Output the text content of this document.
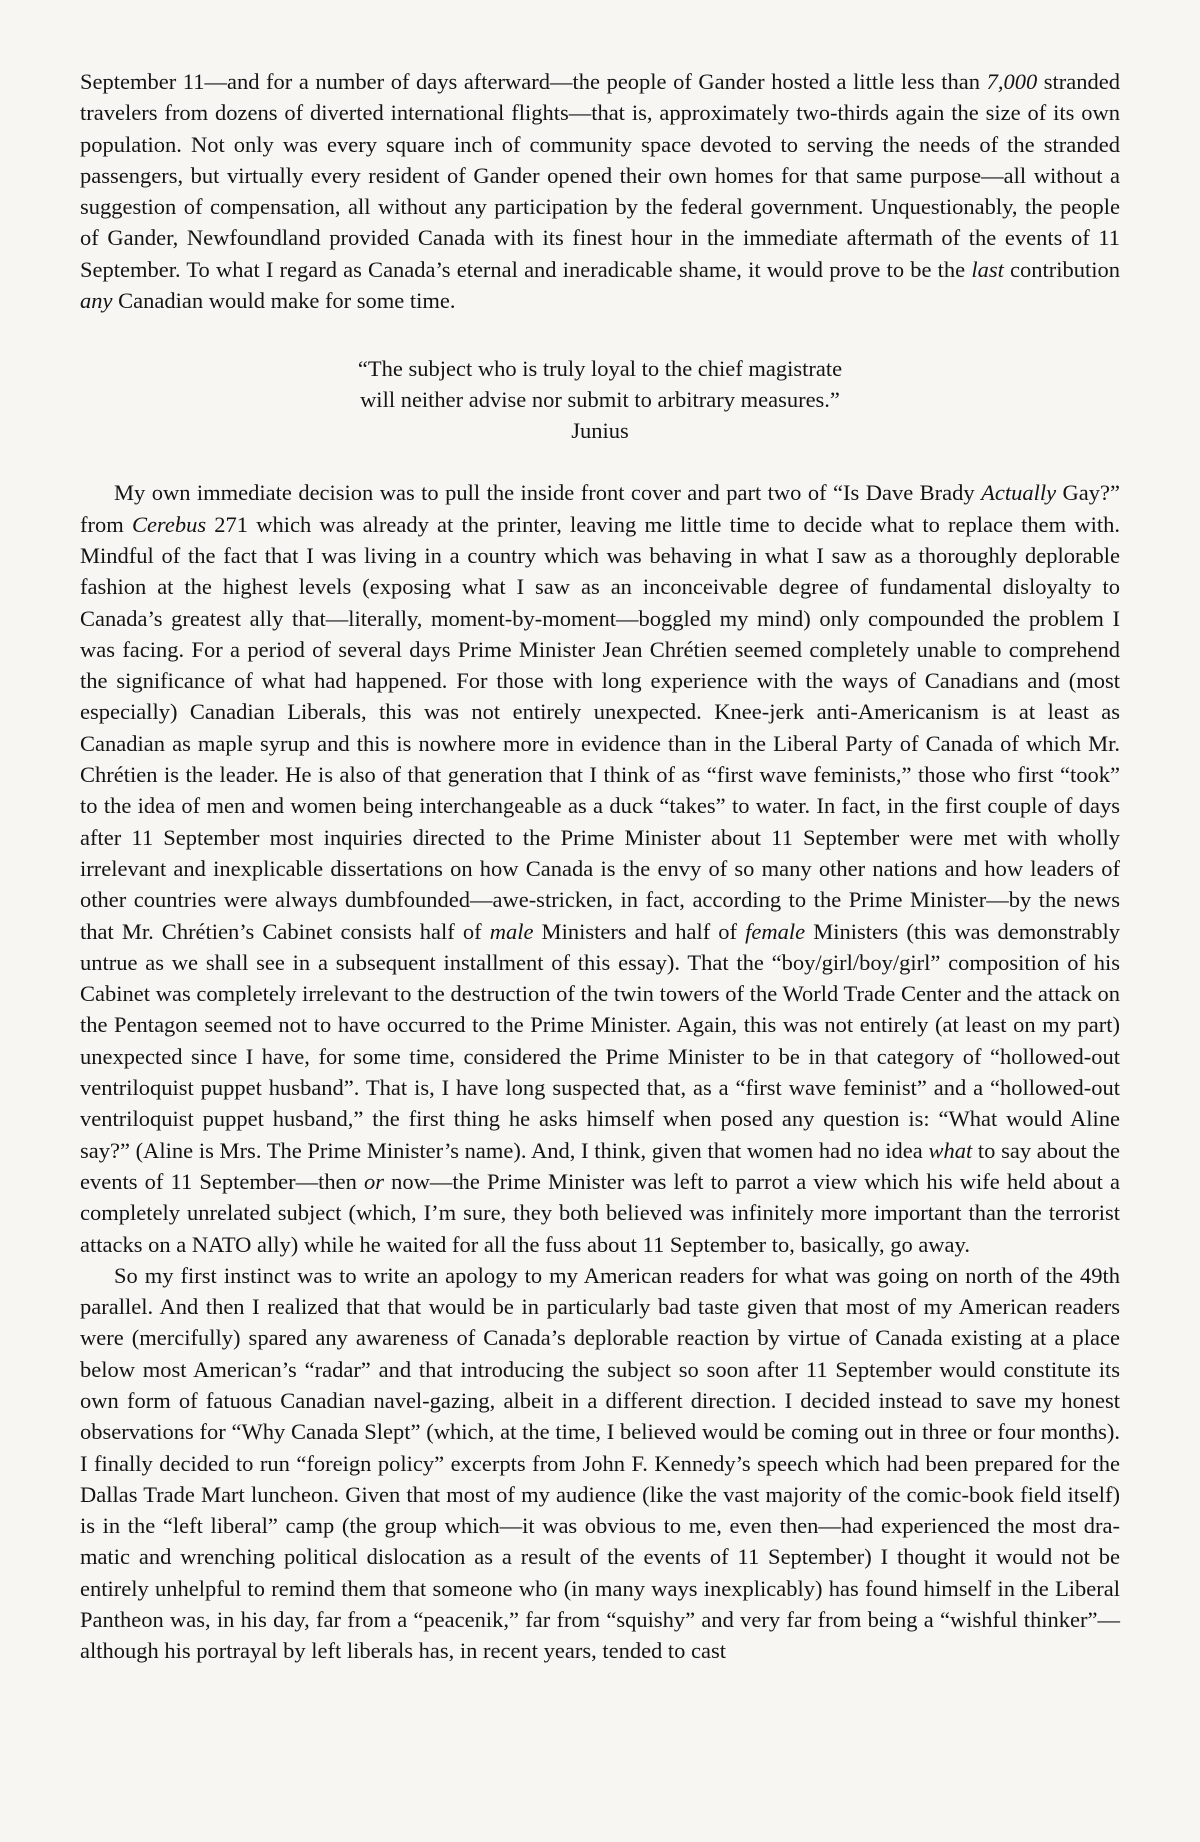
September 11—and for a number of days afterward—the people of Gander hosted a little less than 7,000 stranded travelers from dozens of diverted international flights—that is, approximately two-thirds again the size of its own population. Not only was every square inch of community space devoted to serving the needs of the stranded passengers, but virtually every resident of Gander opened their own homes for that same purpose—all without a suggestion of compensation, all without any participation by the federal government. Unquestionably, the people of Gander, Newfoundland provided Canada with its finest hour in the immediate aftermath of the events of 11 September. To what I regard as Canada’s eternal and ineradicable shame, it would prove to be the last contribution any Canadian would make for some time.

“The subject who is truly loyal to the chief magistrate
will neither advise nor submit to arbitrary measures.”
Junius

My own immediate decision was to pull the inside front cover and part two of “Is Dave Brady Actually Gay?” from Cerebus 271 which was already at the printer, leaving me little time to decide what to replace them with. Mindful of the fact that I was living in a country which was behaving in what I saw as a thoroughly deplorable fashion at the highest levels (exposing what I saw as an inconceivable degree of fundamental disloyalty to Canada’s greatest ally that—literally, moment-by-moment—boggled my mind) only compounded the problem I was facing. For a period of several days Prime Minister Jean Chrétien seemed completely unable to comprehend the significance of what had happened. For those with long experience with the ways of Canadians and (most especially) Canadian Liberals, this was not entirely unexpected. Knee-jerk anti-Americanism is at least as Canadian as maple syrup and this is nowhere more in evidence than in the Liberal Party of Canada of which Mr. Chrétien is the leader. He is also of that generation that I think of as “first wave feminists,” those who first “took” to the idea of men and women being interchangeable as a duck “takes” to water. In fact, in the first couple of days after 11 September most inquiries directed to the Prime Minister about 11 September were met with wholly irrelevant and inexplicable dissertations on how Canada is the envy of so many other nations and how leaders of other countries were always dumbfounded—awe-stricken, in fact, according to the Prime Minister—by the news that Mr. Chrétien’s Cabinet consists half of male Ministers and half of female Ministers (this was demonstrably untrue as we shall see in a subsequent installment of this essay). That the “boy/girl/boy/girl” composition of his Cabinet was completely irrelevant to the destruction of the twin towers of the World Trade Center and the attack on the Pentagon seemed not to have occurred to the Prime Minister. Again, this was not entirely (at least on my part) unexpected since I have, for some time, considered the Prime Minister to be in that category of “hollowed-out ventriloquist puppet husband”. That is, I have long suspected that, as a “first wave feminist” and a “hollowed-out ventriloquist puppet husband,” the first thing he asks himself when posed any question is: “What would Aline say?” (Aline is Mrs. The Prime Minister’s name). And, I think, given that women had no idea what to say about the events of 11 September—then or now—the Prime Minister was left to parrot a view which his wife held about a completely unrelated subject (which, I’m sure, they both believed was infinitely more important than the terrorist attacks on a NATO ally) while he waited for all the fuss about 11 September to, basically, go away.

So my first instinct was to write an apology to my American readers for what was going on north of the 49th parallel. And then I realized that that would be in particularly bad taste given that most of my American readers were (mercifully) spared any awareness of Canada’s deplorable reaction by virtue of Canada existing at a place below most American’s “radar” and that introducing the subject so soon after 11 September would constitute its own form of fatuous Canadian navel-gazing, albeit in a different direction. I decided instead to save my honest observations for “Why Canada Slept” (which, at the time, I believed would be coming out in three or four months). I finally decided to run “foreign policy” excerpts from John F. Kennedy’s speech which had been prepared for the Dallas Trade Mart luncheon. Given that most of my audience (like the vast majority of the comic-book field itself) is in the “left liberal” camp (the group which—it was obvious to me, even then—had experienced the most dramatic and wrenching political dislocation as a result of the events of 11 September) I thought it would not be entirely unhelpful to remind them that someone who (in many ways inexplicably) has found himself in the Liberal Pantheon was, in his day, far from a “peacenik,” far from “squishy” and very far from being a “wishful thinker”—although his portrayal by left liberals has, in recent years, tended to cast
